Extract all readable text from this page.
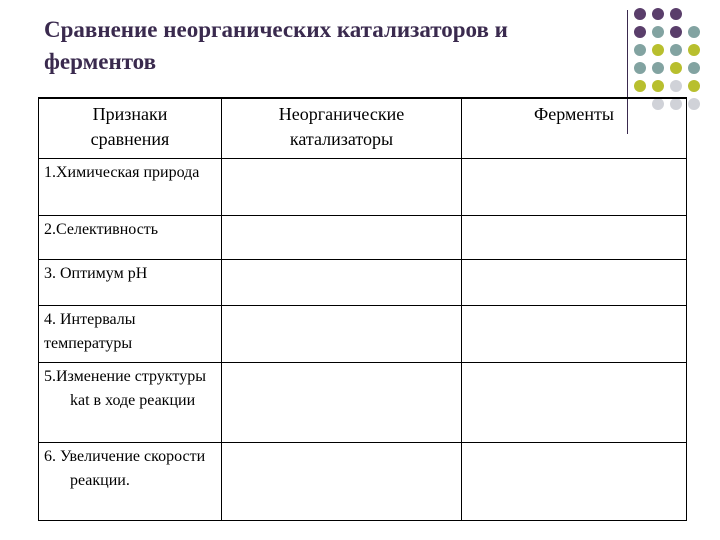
Сравнение неорганических катализаторов и ферментов
Признаки сравнения	Неорганические катализаторы	Ферменты

1.Химическая природа		

2.Селективность		

3. Оптимум рН		

4. Интервалы температуры		

5.Изменение структуры kat в ходе реакции		

6. Увеличение скорости реакции.		
